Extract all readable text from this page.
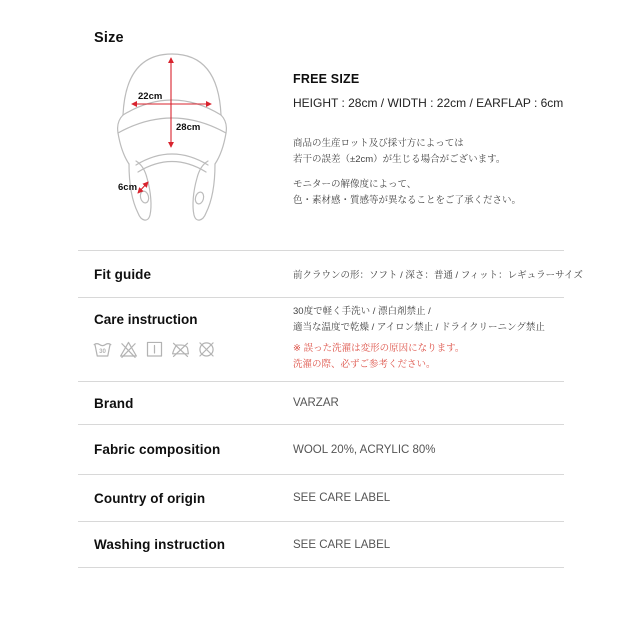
Size
22cm
28cm
6cm
FREE SIZE
HEIGHT : 28cm / WIDTH : 22cm / EARFLAP : 6cm
商品の生産ロット及び採寸方によっては
若干の誤差（±2cm）が生じる場合がございます。
モニターの解像度によって、
色・素材感・質感等が異なることをご了承ください。
Fit guide	前クラウンの形：ソフト / 深さ：普通 / フィット：レギュラーサイズ
Care instruction
30
30度で軽く手洗い / 漂白剤禁止 /
適当な温度で乾燥 / アイロン禁止 / ドライクリーニング禁止
※ 誤った洗濯は変形の原因になります。
洗濯の際、必ずご参考ください。
Brand	VARZAR
Fabric composition	WOOL 20%, ACRYLIC 80%
Country of origin	SEE CARE LABEL
Washing instruction	SEE CARE LABEL
